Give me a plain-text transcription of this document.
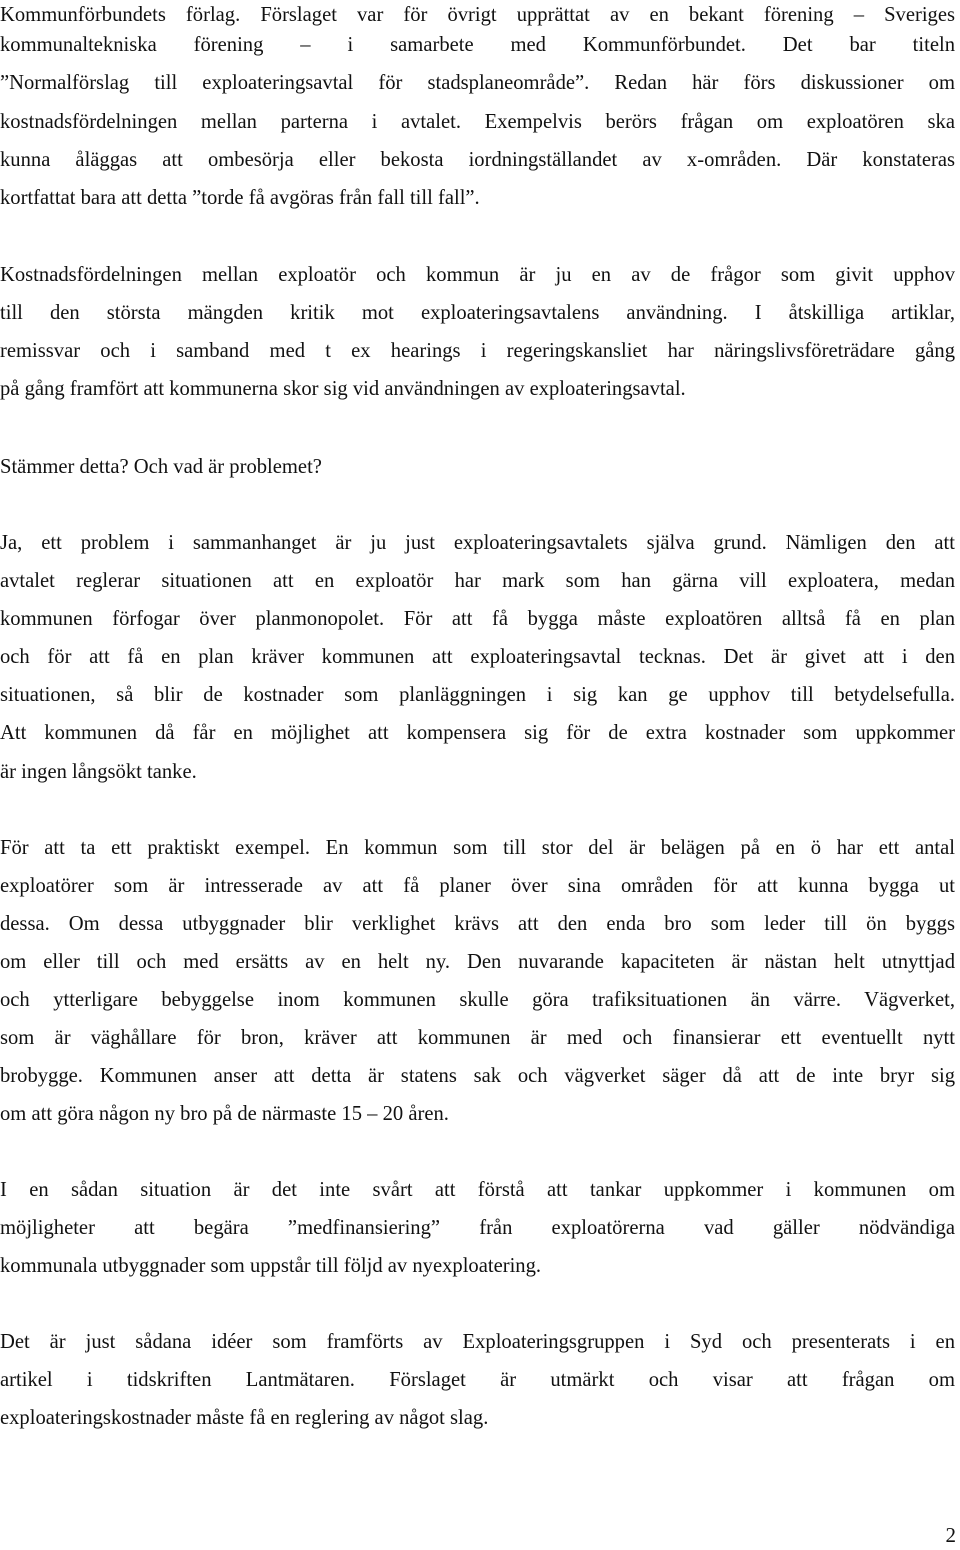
Kommunförbundets förlag. Förslaget var för övrigt upprättat av en bekant förening – Sveriges
kommunaltekniska förening – i samarbete med Kommunförbundet. Det bar titeln
”Normalförslag till exploateringsavtal för stadsplaneområde”. Redan här förs diskussioner om
kostnadsfördelningen mellan parterna i avtalet. Exempelvis berörs frågan om exploatören ska
kunna åläggas att ombesörja eller bekosta iordningställandet av x-områden. Där konstateras
kortfattat bara att detta ”torde få avgöras från fall till fall”.
Kostnadsfördelningen mellan exploatör och kommun är ju en av de frågor som givit upphov
till den största mängden kritik mot exploateringsavtalens användning. I åtskilliga artiklar,
remissvar och i samband med t ex hearings i regeringskansliet har näringslivsföreträdare gång
på gång framfört att kommunerna skor sig vid användningen av exploateringsavtal.
Stämmer detta? Och vad är problemet?
Ja, ett problem i sammanhanget är ju just exploateringsavtalets själva grund. Nämligen den att
avtalet reglerar situationen att en exploatör har mark som han gärna vill exploatera, medan
kommunen förfogar över planmonopolet. För att få bygga måste exploatören alltså få en plan
och för att få en plan kräver kommunen att exploateringsavtal tecknas. Det är givet att i den
situationen, så blir de kostnader som planläggningen i sig kan ge upphov till betydelsefulla.
Att kommunen då får en möjlighet att kompensera sig för de extra kostnader som uppkommer
är ingen långsökt tanke.
För att ta ett praktiskt exempel. En kommun som till stor del är belägen på en ö har ett antal
exploatörer som är intresserade av att få planer över sina områden för att kunna bygga ut
dessa. Om dessa utbyggnader blir verklighet krävs att den enda bro som leder till ön byggs
om eller till och med ersätts av en helt ny. Den nuvarande kapaciteten är nästan helt utnyttjad
och ytterligare bebyggelse inom kommunen skulle göra trafiksituationen än värre. Vägverket,
som är väghållare för bron, kräver att kommunen är med och finansierar ett eventuellt nytt
brobygge. Kommunen anser att detta är statens sak och vägverket säger då att de inte bryr sig
om att göra någon ny bro på de närmaste 15 – 20 åren.
I en sådan situation är det inte svårt att förstå att tankar uppkommer i kommunen om
möjligheter att begära ”medfinansiering” från exploatörerna vad gäller nödvändiga
kommunala utbyggnader som uppstår till följd av nyexploatering.
Det är just sådana idéer som framförts av Exploateringsgruppen i Syd och presenterats i en
artikel i tidskriften Lantmätaren. Förslaget är utmärkt och visar att frågan om
exploateringskostnader måste få en reglering av något slag.
2
